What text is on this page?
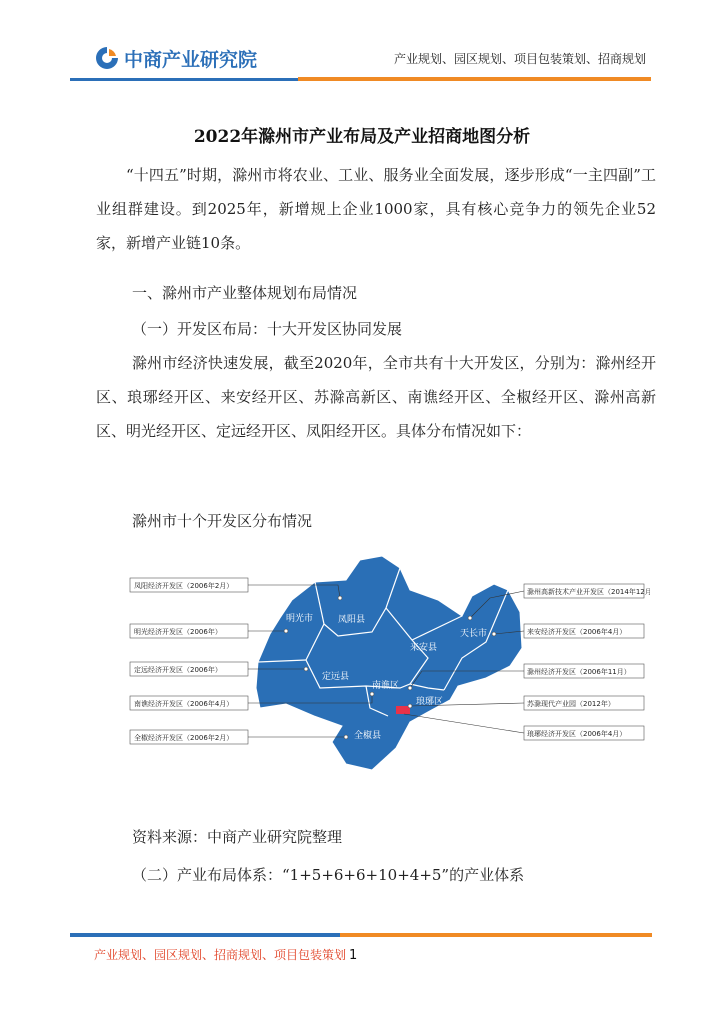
中商产业研究院	产业规划、园区规划、项目包装策划、招商规划
2022年滁州市产业布局及产业招商地图分析
“十四五”时期，滁州市将农业、工业、服务业全面发展，逐步形成“一主四副”工业组群建设。到2025年，新增规上企业1000家，具有核心竞争力的领先企业52家，新增产业链10条。
一、滁州市产业整体规划布局情况
（一）开发区布局：十大开发区协同发展
滁州市经济快速发展，截至2020年，全市共有十大开发区，分别为：滁州经开区、琅琊经开区、来安经开区、苏滁高新区、南谯经开区、全椒经开区、滁州高新区、明光经开区、定远经开区、凤阳经开区。具体分布情况如下：
滁州市十个开发区分布情况
明光市	凤阳县
来安县
定远县
南谯区
琅琊区
全椒县
天长市
凤阳经济开发区（2006年2月）
明光经济开发区（2006年）
定远经济开发区（2006年）
南谯经济开发区（2006年4月）
全椒经济开发区（2006年2月）
滁州高新技术产业开发区（2014年12月）
来安经济开发区（2006年4月）
滁州经济开发区（2006年11月）
苏滁现代产业园（2012年）
琅琊经济开发区（2006年4月）
资料来源：中商产业研究院整理
（二）产业布局体系：“1+5+6+6+10+4+5”的产业体系
产业规划、园区规划、招商规划、项目包装策划 1
